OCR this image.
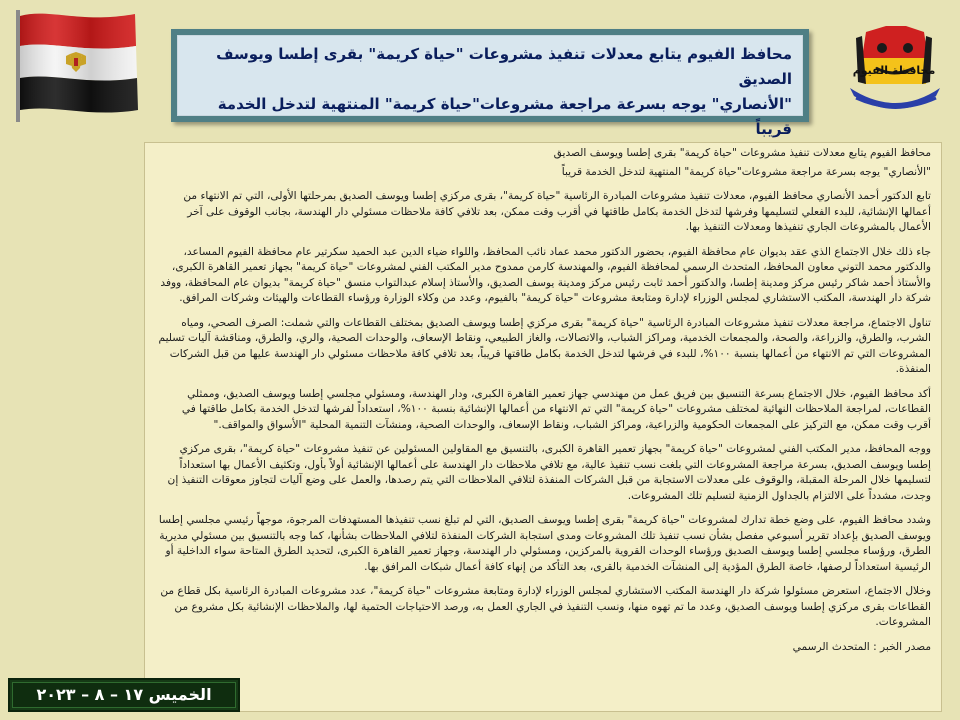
محافظة الفيوم
محافظ الفيوم يتابع معدلات تنفيذ مشروعات "حياة كريمة" بقرى إطسا ويوسف الصديق
"الأنصاري" يوجه بسرعة مراجعة مشروعات"حياة كريمة" المنتهية لتدخل الخدمة قريباً

محافظ الفيوم يتابع معدلات تنفيذ مشروعات "حياة كريمة" بقرى إطسا ويوسف الصديق

"الأنصاري" يوجه بسرعة مراجعة مشروعات"حياة كريمة" المنتهية لتدخل الخدمة قريباً

تابع الدكتور أحمد الأنصاري محافظ الفيوم، معدلات تنفيذ مشروعات المبادرة الرئاسية "حياة كريمة"، بقرى مركزي إطسا ويوسف الصديق بمرحلتها الأولى، التي تم الانتهاء من أعمالها الإنشائية، للبدء الفعلي لتسليمها وفرشها لتدخل الخدمة بكامل طاقتها في أقرب وقت ممكن، بعد تلافي كافة ملاحظات مسئولي دار الهندسة، بجانب الوقوف على آخر الأعمال بالمشروعات الجاري تنفيذها ومعدلات التنفيذ بها.

جاء ذلك خلال الاجتماع الذي عقد بديوان عام محافظة الفيوم، بحضور الدكتور محمد عماد نائب المحافظ، واللواء ضياء الدين عبد الحميد سكرتير عام محافظة الفيوم المساعد، والدكتور محمد التوني معاون المحافظ، المتحدث الرسمي لمحافظة الفيوم، والمهندسة كارمن ممدوح مدير المكتب الفني لمشروعات "حياة كريمة" بجهاز تعمير القاهرة الكبرى، والأستاذ أحمد شاكر رئيس مركز ومدينة إطسا، والدكتور أحمد ثابت رئيس مركز ومدينة يوسف الصديق، والأستاذ إسلام عبدالتواب منسق "حياة كريمة" بديوان عام المحافظة، ووفد شركة دار الهندسة، المكتب الاستشاري لمجلس الوزراء لإدارة ومتابعة مشروعات "حياة كريمة" بالفيوم، وعدد من وكلاء الوزارة ورؤساء القطاعات والهيئات وشركات المرافق.

تناول الاجتماع، مراجعة معدلات تنفيذ مشروعات المبادرة الرئاسية "حياة كريمة" بقرى مركزي إطسا ويوسف الصديق بمختلف القطاعات والتي شملت: الصرف الصحي، ومياه الشرب، والطرق، والزراعة، والصحة، والمجمعات الخدمية، ومراكز الشباب، والاتصالات، والغاز الطبيعي، ونقاط الإسعاف، والوحدات الصحية، والري، والطرق، ومناقشة آليات تسليم المشروعات التي تم الانتهاء من أعمالها بنسبة ١٠٠%، للبدء في فرشها لتدخل الخدمة بكامل طاقتها قريباً، بعد تلافي كافة ملاحظات مسئولي دار الهندسة عليها من قبل الشركات المنفذة.

أكد محافظ الفيوم، خلال الاجتماع بسرعة التنسيق بين فريق عمل من مهندسي جهاز تعمير القاهرة الكبرى، ودار الهندسة، ومسئولي مجلسي إطسا ويوسف الصديق، وممثلي القطاعات، لمراجعة الملاحظات النهائية لمختلف مشروعات "حياة كريمة" التي تم الانتهاء من أعمالها الإنشائية بنسبة ١٠٠%، استعداداً لفرشها لتدخل الخدمة بكامل طاقتها في أقرب وقت ممكن، مع التركيز على المجمعات الحكومية والزراعية، ومراكز الشباب، ونقاط الإسعاف، والوحدات الصحية، ومنشآت التنمية المحلية "الأسواق والمواقف."

ووجه المحافظ، مدير المكتب الفني لمشروعات "حياة كريمة" بجهاز تعمير القاهرة الكبرى، بالتنسيق مع المقاولين المسئولين عن تنفيذ مشروعات "حياة كريمة"، بقرى مركزي إطسا ويوسف الصديق، بسرعة مراجعة المشروعات التي بلغت نسب تنفيذ عالية، مع تلافي ملاحظات دار الهندسة على أعمالها الإنشائية أولاً بأول، وتكثيف الأعمال بها استعداداً لتسليمها خلال المرحلة المقبلة، والوقوف على معدلات الاستجابة من قبل الشركات المنفذة لتلافي الملاحظات التي يتم رصدها، والعمل على وضع آليات لتجاوز معوقات التنفيذ إن وجدت، مشدداً على الالتزام بالجداول الزمنية لتسليم تلك المشروعات.

وشدد محافظ الفيوم، على وضع خطة تدارك لمشروعات "حياة كريمة" بقرى إطسا ويوسف الصديق، التي لم تبلغ نسب تنفيذها المستهدفات المرجوة، موجهاً رئيسي مجلسي إطسا ويوسف الصديق بإعداد تقرير أسبوعي مفصل بشأن نسب تنفيذ تلك المشروعات ومدى استجابة الشركات المنفذة لتلافي الملاحظات بشأنها، كما وجه بالتنسيق بين مسئولي مديرية الطرق، ورؤساء مجلسي إطسا ويوسف الصديق ورؤساء الوحدات القروية بالمركزين، ومسئولي دار الهندسة، وجهاز تعمير القاهرة الكبرى، لتحديد الطرق المتاحة سواء الداخلية أو الرئيسية استعداداً لرصفها، خاصة الطرق المؤدية إلى المنشآت الخدمية بالقرى، بعد التأكد من إنهاء كافة أعمال شبكات المرافق بها.

وخلال الاجتماع، استعرض مسئولوا شركة دار الهندسة المكتب الاستشاري لمجلس الوزراء لإدارة ومتابعة مشروعات "حياة كريمة"، عدد مشروعات المبادرة الرئاسية بكل قطاع من القطاعات بقرى مركزي إطسا ويوسف الصديق، وعدد ما تم تهوه منها، ونسب التنفيذ في الجاري العمل به، ورصد الاحتياجات الحتمية لها، والملاحظات الإنشائية بكل مشروع من المشروعات.

مصدر الخبر : المتحدث الرسمي

الخميس ١٧ – ٨ – ٢٠٢٣
